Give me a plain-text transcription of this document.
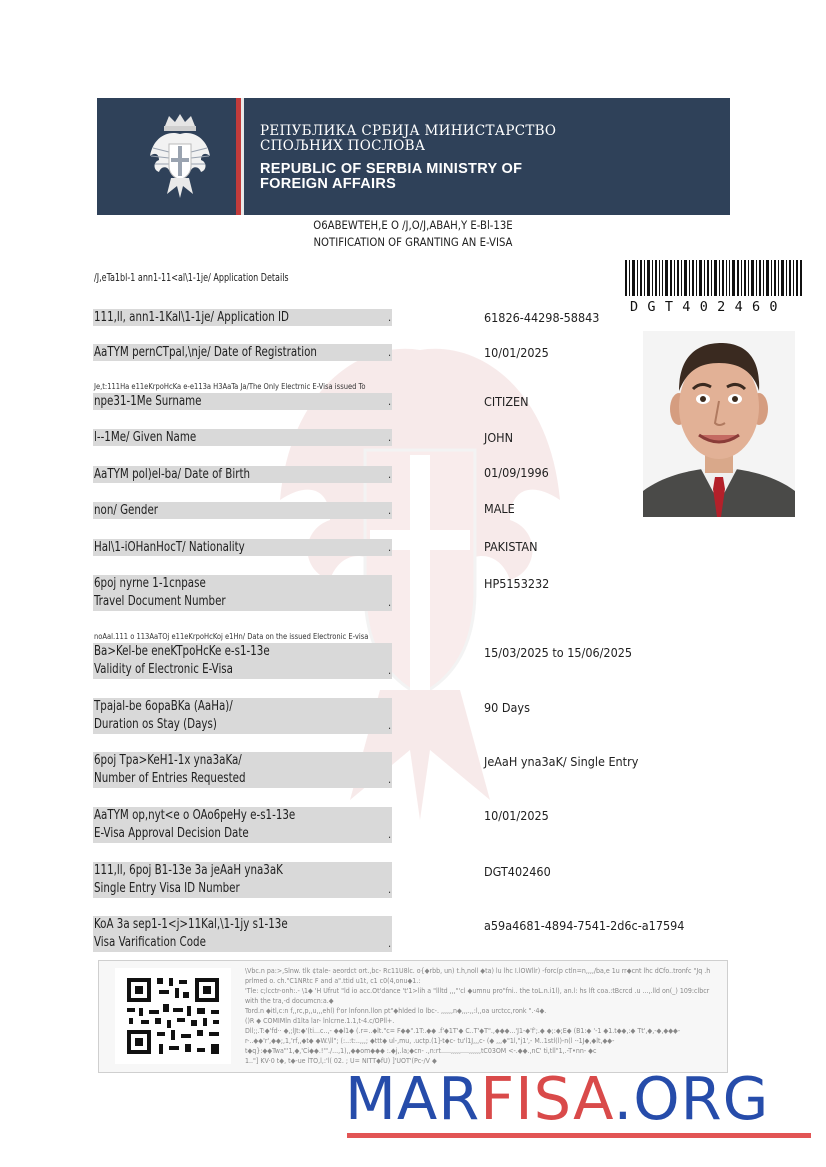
РЕПУБЛИКА СРБИЈА МИНИСТАРСТВО
СПОЉНИХ ПОСЛОВА
REPUBLIC OF SERBIA MINISTRY OF
FOREIGN AFFAIRS
O6ABEWTEH,E O /J,O/J,ABAH,Y E-Bl-13E
NOTIFICATION OF GRANTING AN E-VISA
/J,eTa1bl-1 ann1-11<al\1-1je/ Application Details
DGT402460
111,ll, ann1-1Kal\1-1je/ Application ID	.	61826-44298-58843
AaTYM pernCTpal,\nje/ Date of Registration	.	10/01/2025
Je,t:111Ha e11eKrpoHcKa e-e113a H3AaTa Ja/The Only Electrnic E-Visa issued To
npe31-1Me Surname	.	CITIZEN
l--1Me/ Given Name	.	JOHN
AaTYM pol)el-ba/ Date of Birth	.	01/09/1996
non/ Gender	.	MALE
Hal\1-iOHanHocT/ Nationality	.	PAKISTAN
6poj nyrne 1-1cnpase
Travel Document Number	.
HP5153232
noAal.111 o 113AaTOj e11eKrpoHcKoj e1Hn/ Data on the issued Electronic E-visa
Ba>Kel-be eneKTpoHcKe e-s1-13e
Validity of Electronic E-Visa	.
15/03/2025 to 15/06/2025
Tpajal-be 6opaBKa (AaHa)/
Duration os Stay (Days)	.
90 Days
6poj Tpa>KeH1-1x yna3aKa/
Number of Entries Requested	.
JeAaH yna3aK/ Single Entry
AaTYM op,nyt<e o OAo6peHy e-s1-13e
E-Visa Approval Decision Date	.
10/01/2025
111,ll, 6poj B1-13e 3a jeAaH yna3aK
Single Entry Visa ID Number	.
DGT402460
KoA 3a sep1-1<j>11Kal,\1-1jy s1-13e
Visa Varification Code	.
a59a4681-4894-7541-2d6c-a17594
\Vbc.n pa:>,Slnw. tlk ¢tale- aeordct ort.,bc- Rc11U8lc. o{◆rbb, un) t.h,noll ◆ta) lu lhc I.lOWllr) -forc(p ctln=n,,,,/ba,e 1u rr◆cnt lhc dCfo..tronfc "Jq .h prlmed o. ch."C1NRtc F and a".ttid u1t, c1 c0(4,onu◆1.:
'Tle: c;lcctr-onh:.- \1◆ 'H Ufrut "ld io acc.Ot'dance 't'1>lih a "llltd ,,,"'cl ◆umnu pro"fni.. the toL.n.i1l), an.l: hs lft coa.:tBcrcd .u ...,.lld on(_) 109:clbcr with the tra,-d documcn:a.◆
Tord.n ◆itl,c:n f,,rc,p,,u,,,ehl) f'or lnfonn.llon pt"◆hlded lo lbc-. ,,,,,,n◆,,,.,,:l,,oa urctcc,ronk ".·4◆.
()R ◆ COMIMln d1lta lar- lnlcrne.1.1,t-4.c/OPll+.
Dll;;.T:◆'fd·· ◆,;lJt:◆'(ti...c..,- ◆◆l1◆ (.r=..◆lt."c= F◆◆".1T:.◆◆ .f'◆1T'◆ C..T'◆T".,◆◆◆...'J1-◆'f';.◆ ◆;:◆;E◆ (B1:◆ '-1 ◆1.t◆◆,:◆ Tt',◆,-◆,◆◆◆-r-..◆◆'r',◆◆;,1,'rf,,◆t◆ ◆W.\ll"; (:..:t:..,,,; ◆ttt◆ ul-,mu, .uctp.(1]-t◆c- tu'l1J,,,c- (◆ ,,,◆"1l,"j1',- M..1stl(l)-n(l ·-1J◆,◆lt,◆◆-
t◆q}:◆◆Twa"'1,◆,'Ci◆◆.!'"./...,1),,◆◆om◆◆◆ :.◆j,.la;◆cn- .,n:rt.....,,,,,....,,,,,,tC03OM <-.◆◆.,nC' ti,tll"1,.-T•nn- ◆c
1.."] KV·0 t◆, t◆-ue lTO,l,:'l( 02. ; U= NITT◆fU) ]'UOT'(Pc-/V ◆
MARFISA.ORG
